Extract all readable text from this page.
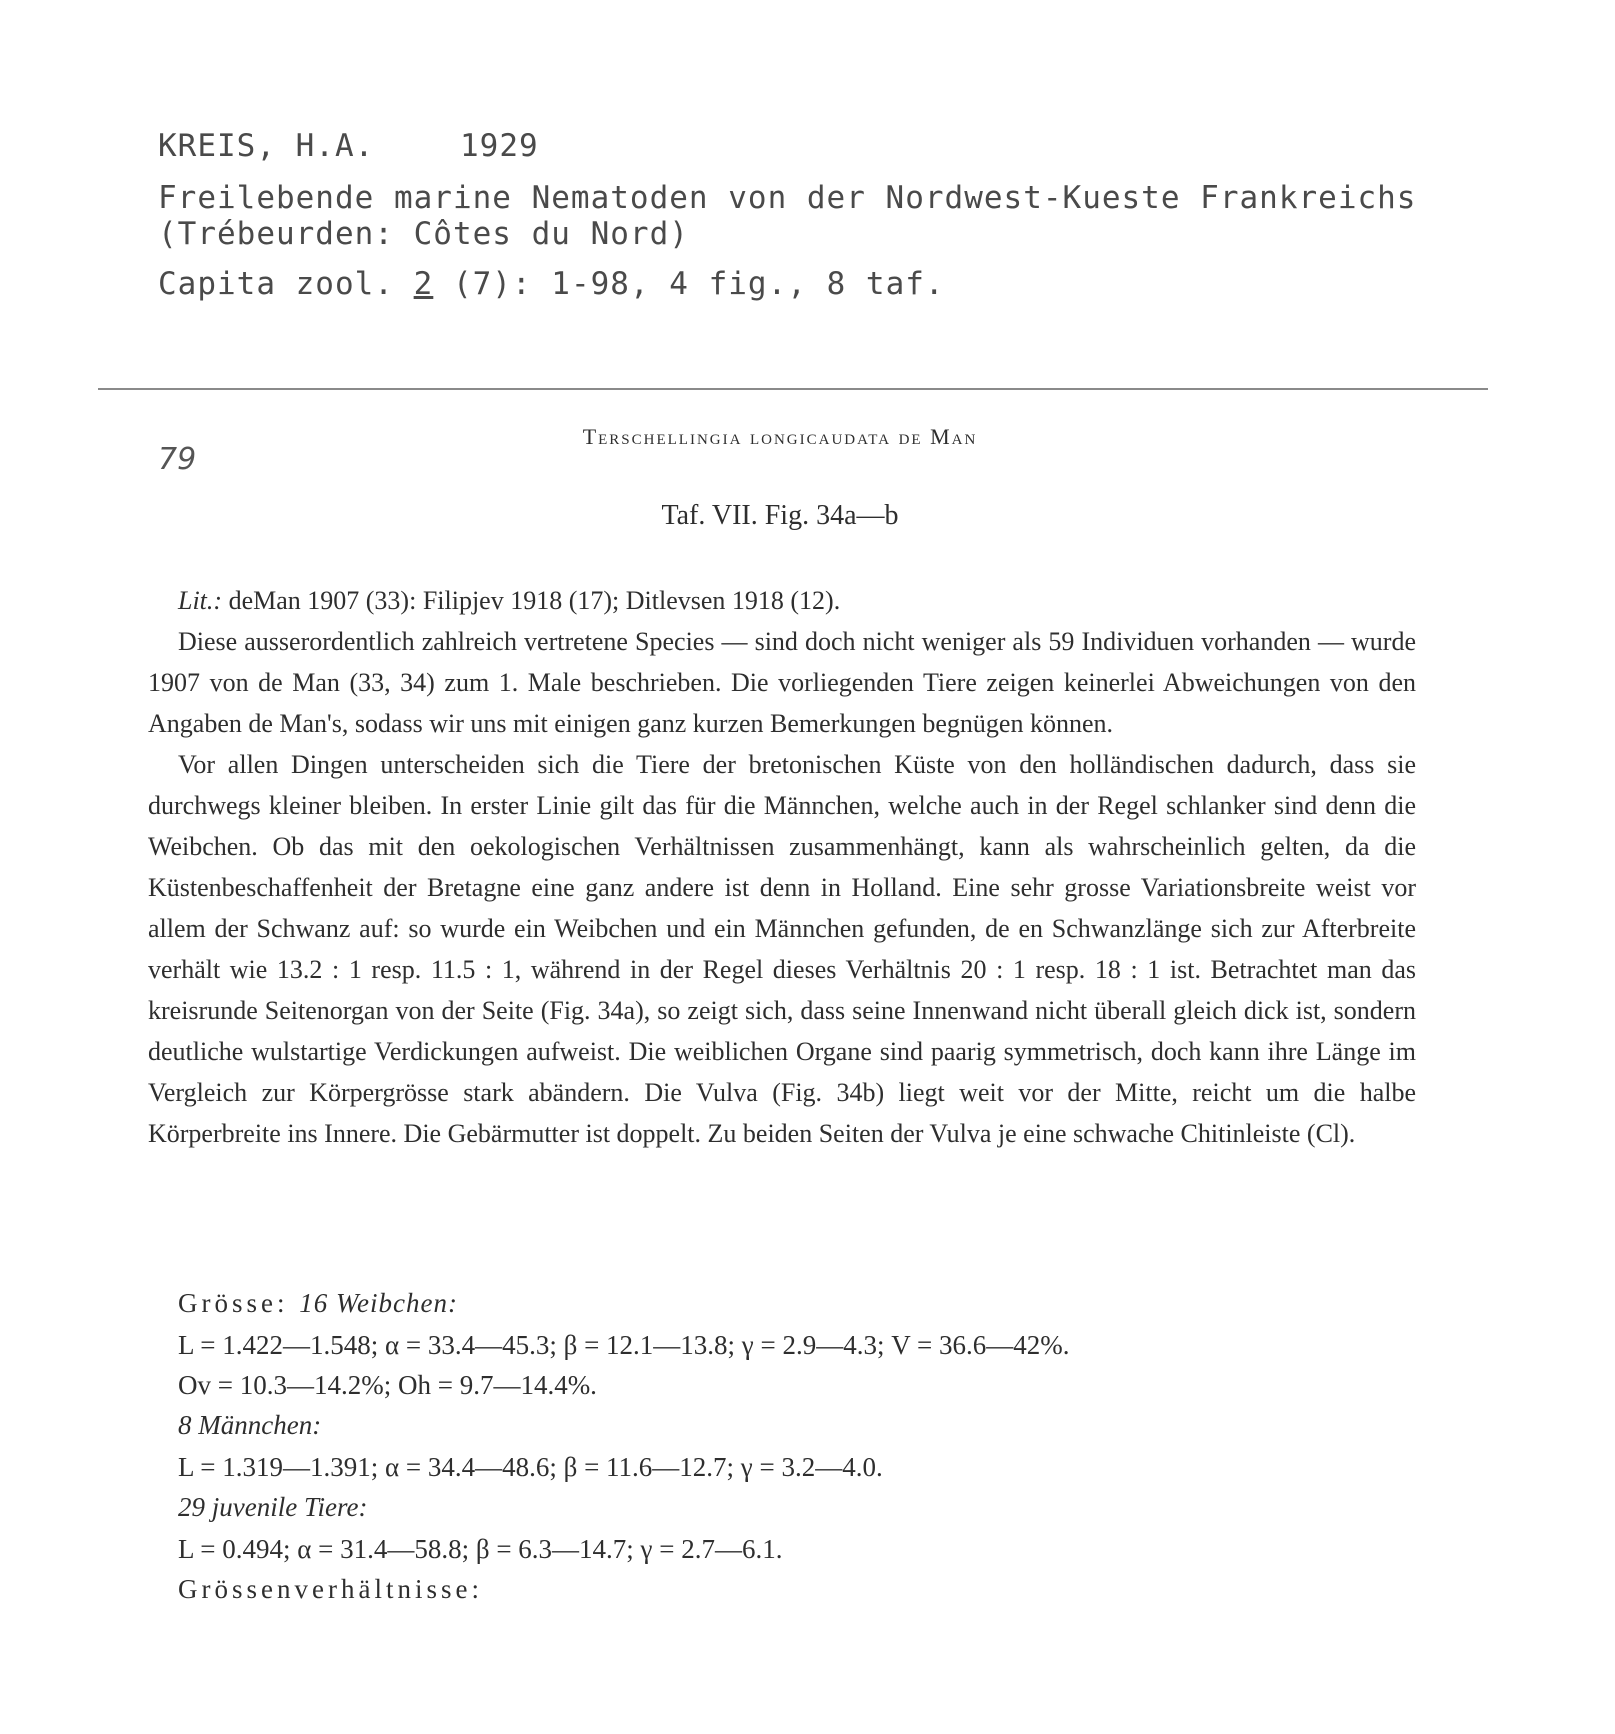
KREIS, H.A.	1929
Freilebende marine Nematoden von der Nordwest-Kueste Frankreichs
(Trébeurden: Côtes du Nord)
Capita zool. 2 (7): 1-98, 4 fig., 8 taf.
79
Terschellingia longicaudata de Man
Taf. VII. Fig. 34a—b

Lit.: deMan 1907 (33): Filipjev 1918 (17); Ditlevsen 1918 (12).

Diese ausserordentlich zahlreich vertretene Species — sind doch nicht weniger als 59 Individuen vorhanden — wurde 1907 von de Man (33, 34) zum 1. Male beschrieben. Die vorliegenden Tiere zeigen keinerlei Abweichungen von den Angaben de Man's, sodass wir uns mit einigen ganz kurzen Bemerkungen begnügen können.

Vor allen Dingen unterscheiden sich die Tiere der bretonischen Küste von den holländischen dadurch, dass sie durchwegs kleiner bleiben. In erster Linie gilt das für die Männchen, welche auch in der Regel schlanker sind denn die Weibchen. Ob das mit den oekologischen Verhältnissen zusammenhängt, kann als wahrscheinlich gelten, da die Küstenbeschaffenheit der Bretagne eine ganz andere ist denn in Holland. Eine sehr grosse Variationsbreite weist vor allem der Schwanz auf: so wurde ein Weibchen und ein Männchen gefunden, de en Schwanzlänge sich zur Afterbreite verhält wie 13.2 : 1 resp. 11.5 : 1, während in der Regel dieses Verhältnis 20 : 1 resp. 18 : 1 ist. Betrachtet man das kreisrunde Seitenorgan von der Seite (Fig. 34a), so zeigt sich, dass seine Innenwand nicht überall gleich dick ist, sondern deutliche wulstartige Verdickungen aufweist. Die weiblichen Organe sind paarig symmetrisch, doch kann ihre Länge im Vergleich zur Körpergrösse stark abändern. Die Vulva (Fig. 34b) liegt weit vor der Mitte, reicht um die halbe Körperbreite ins Innere. Die Gebärmutter ist doppelt. Zu beiden Seiten der Vulva je eine schwache Chitinleiste (Cl).

Grösse: 16 Weibchen:
L = 1.422—1.548; α = 33.4—45.3; β = 12.1—13.8; γ = 2.9—4.3; V = 36.6—42%.
Ov = 10.3—14.2%; Oh = 9.7—14.4%.
8 Männchen:
L = 1.319—1.391; α = 34.4—48.6; β = 11.6—12.7; γ = 3.2—4.0.
29 juvenile Tiere:
L = 0.494; α = 31.4—58.8; β = 6.3—14.7; γ = 2.7—6.1.
Grössenverhältnisse:
